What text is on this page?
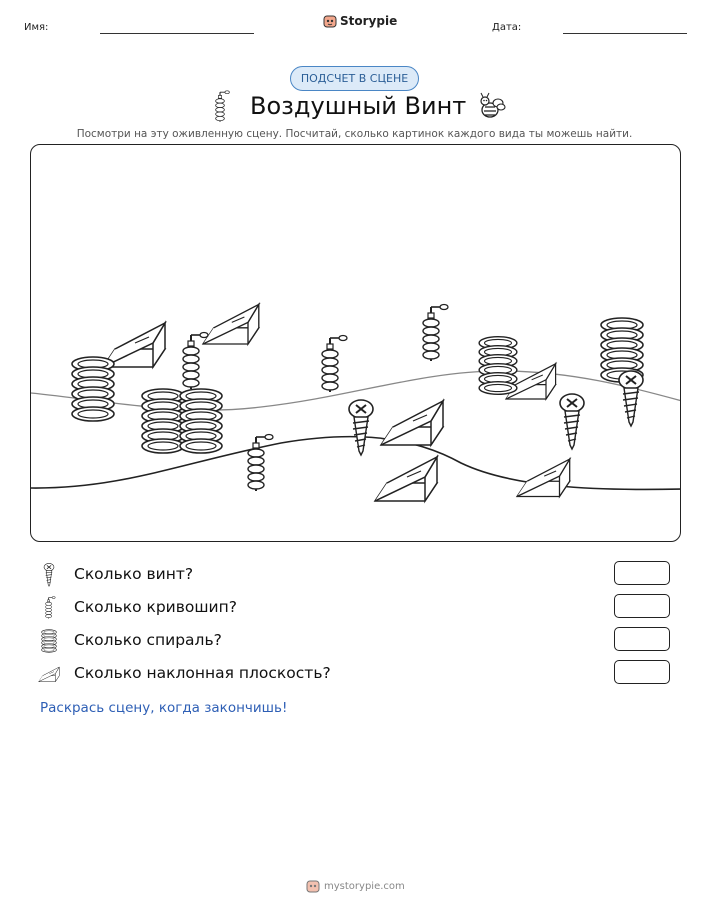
Имя:	Storypie	Дата:
ПОДСЧЕТ В СЦЕНЕ
Воздушный Винт
Посмотри на эту оживленную сцену. Посчитай, сколько картинок каждого вида ты можешь найти.
Сколько винт?
Сколько кривошип?
Сколько спираль?
Сколько наклонная плоскость?
Раскрась сцену, когда закончишь!
mystorypie.com
